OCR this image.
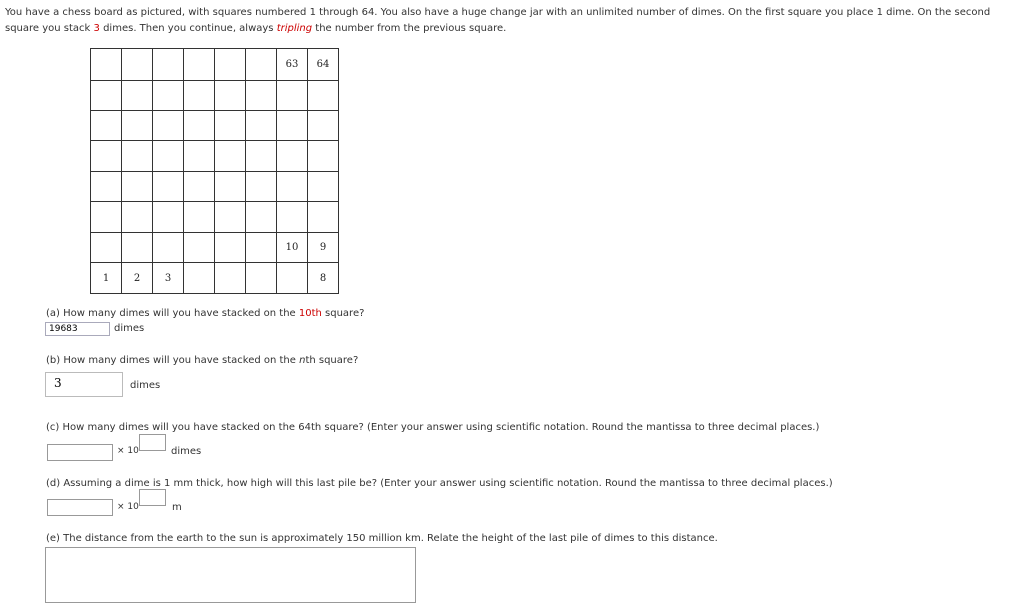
You have a chess board as pictured, with squares numbered 1 through 64. You also have a huge change jar with an unlimited number of dimes. On the first square you place 1 dime. On the second square you stack 3 dimes. Then you continue, always tripling the number from the previous square.

						63	64

						10	9
1	2	3					8
(a) How many dimes will you have stacked on the 10th square?
19683	dimes
(b) How many dimes will you have stacked on the nth square?
3	dimes
(c) How many dimes will you have stacked on the 64th square? (Enter your answer using scientific notation. Round the mantissa to three decimal places.)
× 10	dimes
(d) Assuming a dime is 1 mm thick, how high will this last pile be? (Enter your answer using scientific notation. Round the mantissa to three decimal places.)
× 10	m
(e) The distance from the earth to the sun is approximately 150 million km. Relate the height of the last pile of dimes to this distance.
